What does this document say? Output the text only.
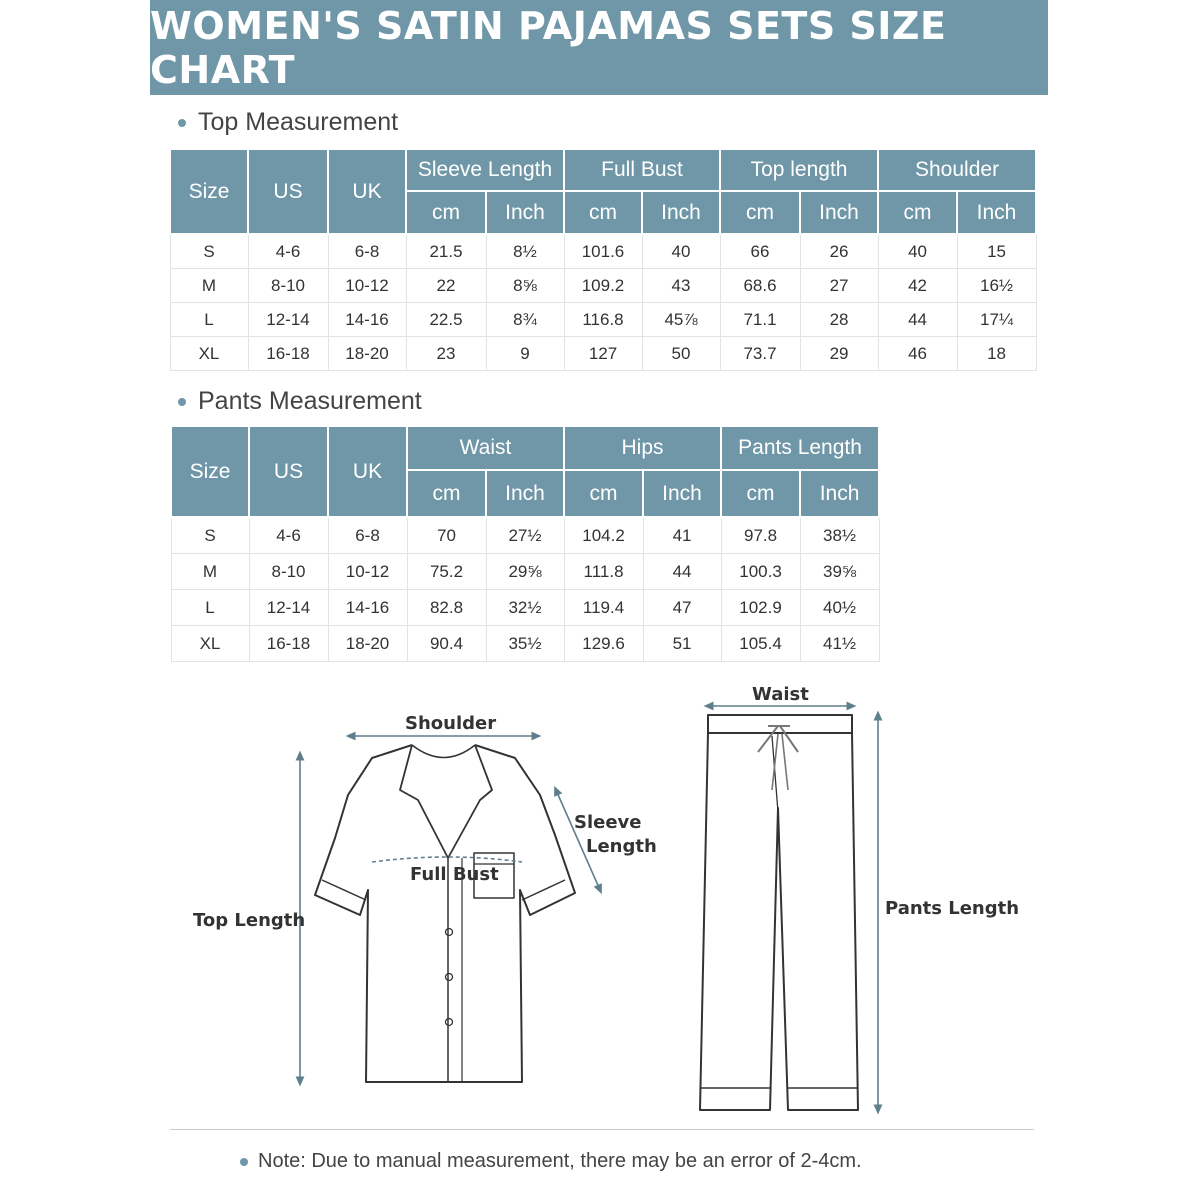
WOMEN'S SATIN PAJAMAS SETS SIZE CHART
Top Measurement
Size	US	UK	Sleeve Length		Full Bust		Top length		Shoulder	
			cm	Inch	cm	Inch	cm	Inch	cm	Inch
S	4-6	6-8	21.5	8½	101.6	40	66	26	40	15
M	8-10	10-12	22	8⅝	109.2	43	68.6	27	42	16½
L	12-14	14-16	22.5	8¾	116.8	45⅞	71.1	28	44	17¼
XL	16-18	18-20	23	9	127	50	73.7	29	46	18
Pants Measurement
Size	US	UK	Waist		Hips		Pants Length	
			cm	Inch	cm	Inch	cm	Inch
S	4-6	6-8	70	27½	104.2	41	97.8	38½
M	8-10	10-12	75.2	29⅝	111.8	44	100.3	39⅝
L	12-14	14-16	82.8	32½	119.4	47	102.9	40½
XL	16-18	18-20	90.4	35½	129.6	51	105.4	41½
Shoulder
Sleeve
Length
Full Bust
Top Length
Waist
Pants Length
Note: Due to manual measurement, there may be an error of 2-4cm.
